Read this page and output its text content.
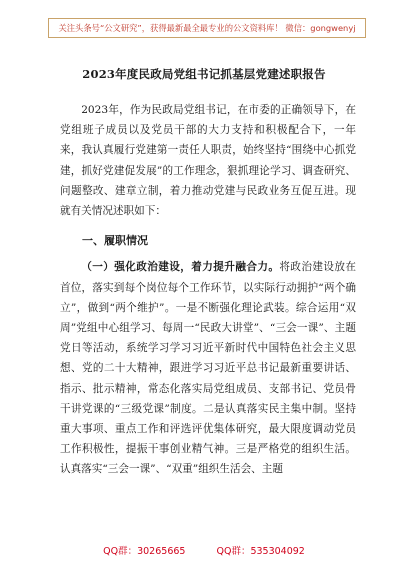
关注头条号“公文研究”，获得最新最全最专业的公文资料库！ 微信：gongwenyj
2023年度民政局党组书记抓基层党建述职报告

2023年，作为民政局党组书记，在市委的正确领导下，在党组班子成员以及党员干部的大力支持和积极配合下，一年来，我认真履行党建第一责任人职责，始终坚持“围绕中心抓党建，抓好党建促发展”的工作理念，狠抓理论学习、调查研究、问题整改、建章立制，着力推动党建与民政业务互促互进。现就有关情况述职如下：

一、履职情况

（一）强化政治建设，着力提升融合力。将政治建设放在首位，落实到每个岗位每个工作环节，以实际行动拥护“两个确立”，做到“两个维护”。一是不断强化理论武装。综合运用“双周”党组中心组学习、每周一“民政大讲堂”、“三会一课”、主题党日等活动，系统学习学习习近平新时代中国特色社会主义思想、党的二十大精神，跟进学习习近平总书记最新重要讲话、指示、批示精神，常态化落实局党组成员、支部书记、党员骨干讲党课的“三级党课”制度。二是认真落实民主集中制。坚持重大事项、重点工作和评选评优集体研究，最大限度调动党员工作积极性，提振干事创业精气神。三是严格党的组织生活。认真落实“三会一课”、“双重”组织生活会、主题

QQ群：30265665	QQ群：535304092
